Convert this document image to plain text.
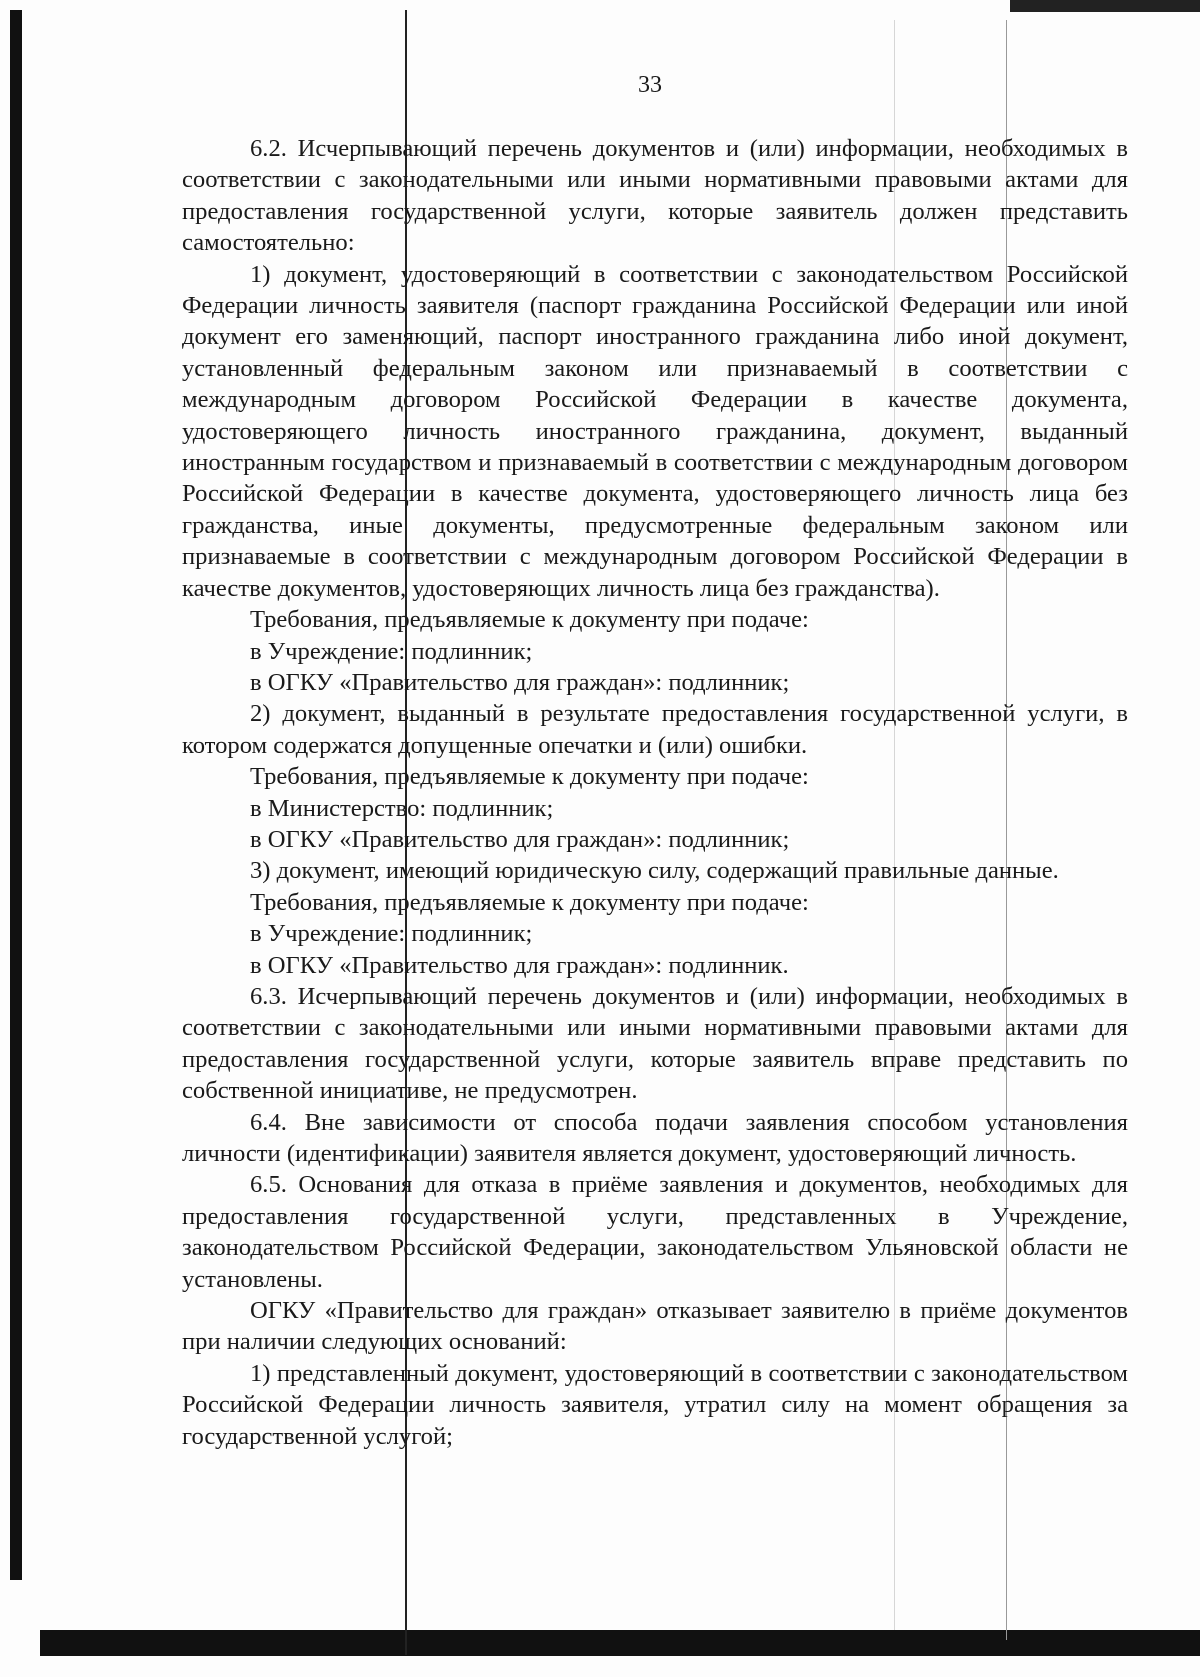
33

6.2. Исчерпывающий перечень документов и (или) информации, необходимых в соответствии с законодательными или иными нормативными правовыми актами для предоставления государственной услуги, которые заявитель должен представить самостоятельно:

1) документ, удостоверяющий в соответствии с законодательством Российской Федерации личность заявителя (паспорт гражданина Российской Федерации или иной документ его заменяющий, паспорт иностранного гражданина либо иной документ, установленный федеральным законом или признаваемый в соответствии с международным договором Российской Федерации в качестве документа, удостоверяющего личность иностранного гражданина, документ, выданный иностранным государством и признаваемый в соответствии с международным договором Российской Федерации в качестве документа, удостоверяющего личность лица без гражданства, иные документы, предусмотренные федеральным законом или признаваемые в соответствии с международным договором Российской Федерации в качестве документов, удостоверяющих личность лица без гражданства).

Требования, предъявляемые к документу при подаче:

в Учреждение: подлинник;

в ОГКУ «Правительство для граждан»: подлинник;

2) документ, выданный в результате предоставления государственной услуги, в котором содержатся допущенные опечатки и (или) ошибки.

Требования, предъявляемые к документу при подаче:

в Министерство: подлинник;

в ОГКУ «Правительство для граждан»: подлинник;

3) документ, имеющий юридическую силу, содержащий правильные данные.

Требования, предъявляемые к документу при подаче:

в Учреждение: подлинник;

в ОГКУ «Правительство для граждан»: подлинник.

6.3. Исчерпывающий перечень документов и (или) информации, необходимых в соответствии с законодательными или иными нормативными правовыми актами для предоставления государственной услуги, которые заявитель вправе представить по собственной инициативе, не предусмотрен.

6.4. Вне зависимости от способа подачи заявления способом установления личности (идентификации) заявителя является документ, удостоверяющий личность.

6.5. Основания для отказа в приёме заявления и документов, необходимых для предоставления государственной услуги, представленных в Учреждение, законодательством Российской Федерации, законодательством Ульяновской области не установлены.

ОГКУ «Правительство для граждан» отказывает заявителю в приёме документов при наличии следующих оснований:

1) представленный документ, удостоверяющий в соответствии с законодательством Российской Федерации личность заявителя, утратил силу на момент обращения за государственной услугой;
